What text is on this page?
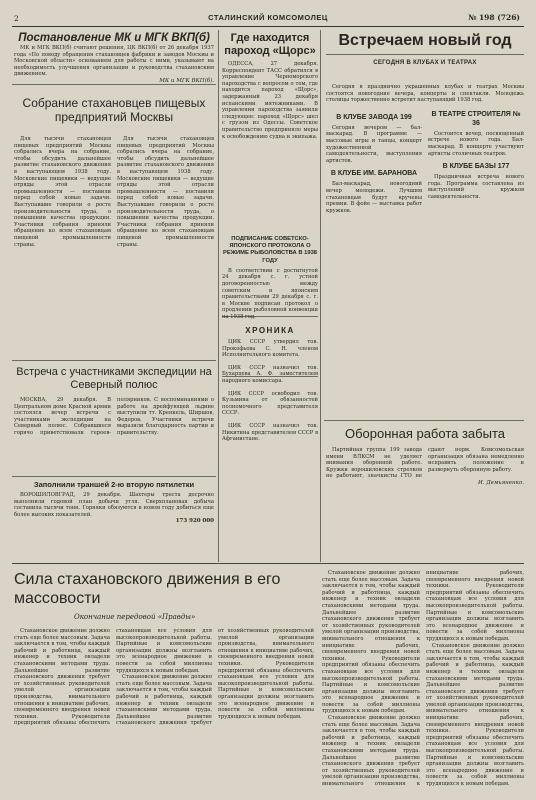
2	СТАЛИНСКИЙ КОМСОМОЛЕЦ	№ 198 (726)
Постановление МК и МГК ВКП(б)

МК и МГК ВКП(б) считают решения, ЦК ВКП(б) от 26 декабря 1937 года «По поводу обращения стахановцев фабрики и заводов Москвы и Московской области» основанием для работы с ними, указывают на необходимость улучшения организации и руководства стахановским движением.

МК и МГК ВКП(б).
Собрание стахановцев пищевых предприятий Москвы

Для тысячи стахановцев пищевых предприятий Москвы собрались вчера на собрание, чтобы обсудить дальнейшее развитие стахановского движения в наступающем 1938 году. Московские пищевики — ведущие отряды этой отрасли промышленности — поставили перед собой новые задачи. Выступавшие говорили о росте производительности труда, о повышении качества продукции. Участники собрания приняли обращение ко всем стахановцам пищевой промышленности страны.

Для тысячи стахановцев пищевых предприятий Москвы собрались вчера на собрание, чтобы обсудить дальнейшее развитие стахановского движения в наступающем 1938 году. Московские пищевики — ведущие отряды этой отрасли промышленности — поставили перед собой новые задачи. Выступавшие говорили о росте производительности труда, о повышении качества продукции. Участники собрания приняли обращение ко всем стахановцам пищевой промышленности страны.

Встреча с участниками экспедиции на Северный полюс

МОСКВА, 29 декабря. В Центральном доме Красной армии состоялся вечер встречи с участниками экспедиции на Северный полюс. Собравшиеся горячо приветствовали героев-полярников. С воспоминаниями о работе на дрейфующей льдине выступили тт. Кренкель, Ширшов, Федоров. Участники встречи выразили благодарность партии и правительству.

Заполнили траншей 2-ю вторую пятилетки

ВОРОШИЛОВГРАД, 29 декабря. Шахтеры треста досрочно выполнили годовой план добычи угля. Сверхплановая добыча составила тысячи тонн. Горняки обязуются в новом году добиться еще более высоких показателей.

173 920 000
Где находится пароход «Щорс»

ОДЕССА, 27 декабря. Корреспондент ТАСС обратился в управление Черноморского пароходства с вопросом о том, где находится пароход «Щорс», задержанный 23 декабря испанскими мятежниками. В управлении пароходства заявили следующее: пароход «Щорс» шел с грузом из Одессы. Советское правительство предприняло меры к освобождению судна и экипажа.

ПОДПИСАНИЕ СОВЕТСКО-ЯПОНСКОГО ПРОТОКОЛА О РЕЖИМЕ РЫБОЛОВСТВА В 1938 ГОДУ

В соответствии с достигнутой 24 декабря с. г. устной договоренностью между советским и японским правительствами 29 декабря с. г. в Москве подписан протокол о продлении рыболовной конвенции на 1938 год.

ХРОНИКА

ЦИК СССР утвердил тов. Прокофьева С. Н. членом Исполнительного комитета.

ЦИК СССР назначил тов. Бухарцева А. Ф. заместителем народного комиссара.

ЦИК СССР освободил тов. Кузьмина от обязанностей полномочного представителя СССР.

ЦИК СССР назначил тов. Никитина представителем СССР в Афганистане.

Встречаем новый год
СЕГОДНЯ В КЛУБАХ И ТЕАТРАХ

Сегодня в празднично украшенных клубах и театрах Москвы состоятся новогодние вечера, концерты и спектакли. Молодежь столицы торжественно встретит наступающий 1938 год.

В КЛУБЕ ЗАВОДА 199

Сегодня вечером — бал-маскарад. В программе — массовые игры и танцы, концерт художественной самодеятельности, выступления артистов.

В КЛУБЕ ИМ. БАРАНОВА

Бал-маскарад, новогодний вечер молодежи. Лучшим стахановцам будут вручены премии. В фойе — выставка работ кружков.

В ТЕАТРЕ СТРОИТЕЛЯ № 36

Состоится вечер, посвященный встрече нового года. Бал-маскарад. В концерте участвуют артисты столичных театров.

В КЛУБЕ БАЗЫ 177

Праздничная встреча нового года. Программа составлена из выступлений кружков самодеятельности.

Оборонная работа забыта

Партийная группа 199 завода имени ВЛКСМ не уделяет внимания оборонной работе. Кружки ворошиловских стрелков не работают, значкисты ГТО не сдают норм. Комсомольская организация обязана немедленно исправить положение и развернуть оборонную работу.

И. Демьяненко.
Сила стахановского движения в его массовости
Окончание передовой «Правды»

Стахановское движение должно стать еще более массовым. Задача заключается в том, чтобы каждый рабочий и работница, каждый инженер и техник овладели стахановскими методами труда. Дальнейшее развитие стахановского движения требует от хозяйственных руководителей умелой организации производства, внимательного отношения к инициативе рабочих, своевременного внедрения новой техники. Руководители предприятий обязаны обеспечить стахановцам все условия для высокопроизводительной работы. Партийные и комсомольские организации должны возглавить это всенародное движение и повести за собой миллионы трудящихся к новым победам.

Стахановское движение должно стать еще более массовым. Задача заключается в том, чтобы каждый рабочий и работница, каждый инженер и техник овладели стахановскими методами труда. Дальнейшее развитие стахановского движения требует от хозяйственных руководителей умелой организации производства, внимательного отношения к инициативе рабочих, своевременного внедрения новой техники. Руководители предприятий обязаны обеспечить стахановцам все условия для высокопроизводительной работы. Партийные и комсомольские организации должны возглавить это всенародное движение и повести за собой миллионы трудящихся к новым победам.

Стахановское движение должно стать еще более массовым. Задача заключается в том, чтобы каждый рабочий и работница, каждый инженер и техник овладели стахановскими методами труда. Дальнейшее развитие стахановского движения требует от хозяйственных руководителей умелой организации производства, внимательного отношения к инициативе рабочих, своевременного внедрения новой техники. Руководители предприятий обязаны обеспечить стахановцам все условия для высокопроизводительной работы. Партийные и комсомольские организации должны возглавить это всенародное движение и повести за собой миллионы трудящихся к новым победам.

Стахановское движение должно стать еще более массовым. Задача заключается в том, чтобы каждый рабочий и работница, каждый инженер и техник овладели стахановскими методами труда. Дальнейшее развитие стахановского движения требует от хозяйственных руководителей умелой организации производства, внимательного отношения к инициативе рабочих, своевременного внедрения новой техники. Руководители предприятий обязаны обеспечить стахановцам все условия для высокопроизводительной работы. Партийные и комсомольские организации должны возглавить это всенародное движение и повести за собой миллионы трудящихся к новым победам.

Стахановское движение должно стать еще более массовым. Задача заключается в том, чтобы каждый рабочий и работница, каждый инженер и техник овладели стахановскими методами труда. Дальнейшее развитие стахановского движения требует от хозяйственных руководителей умелой организации производства, внимательного отношения к инициативе рабочих, своевременного внедрения новой техники. Руководители предприятий обязаны обеспечить стахановцам все условия для высокопроизводительной работы. Партийные и комсомольские организации должны возглавить это всенародное движение и повести за собой миллионы трудящихся к новым победам.
